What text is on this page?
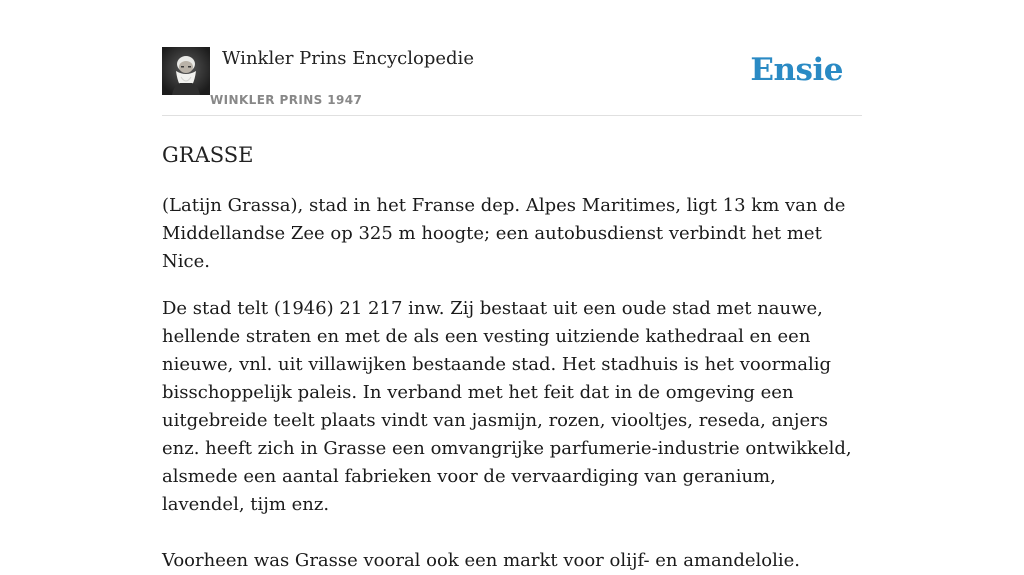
Winkler Prins Encyclopedie
WINKLER PRINS 1947
Ensie
GRASSE

(Latijn Grassa), stad in het Franse dep. Alpes Maritimes, ligt 13 km van de Middellandse Zee op 325 m hoogte; een autobusdienst verbindt het met Nice.

De stad telt (1946) 21 217 inw. Zij bestaat uit een oude stad met nauwe, hellende straten en met de als een vesting uitziende kathedraal en een nieuwe, vnl. uit villawijken bestaande stad. Het stadhuis is het voormalig bisschoppelijk paleis. In verband met het feit dat in de omgeving een uitgebreide teelt plaats vindt van jasmijn, rozen, viooltjes, reseda, anjers enz. heeft zich in Grasse een omvangrijke parfumerie-industrie ontwikkeld, alsmede een aantal fabrieken voor de vervaardiging van geranium, lavendel, tijm enz.

Voorheen was Grasse vooral ook een markt voor olijf- en amandelolie.
